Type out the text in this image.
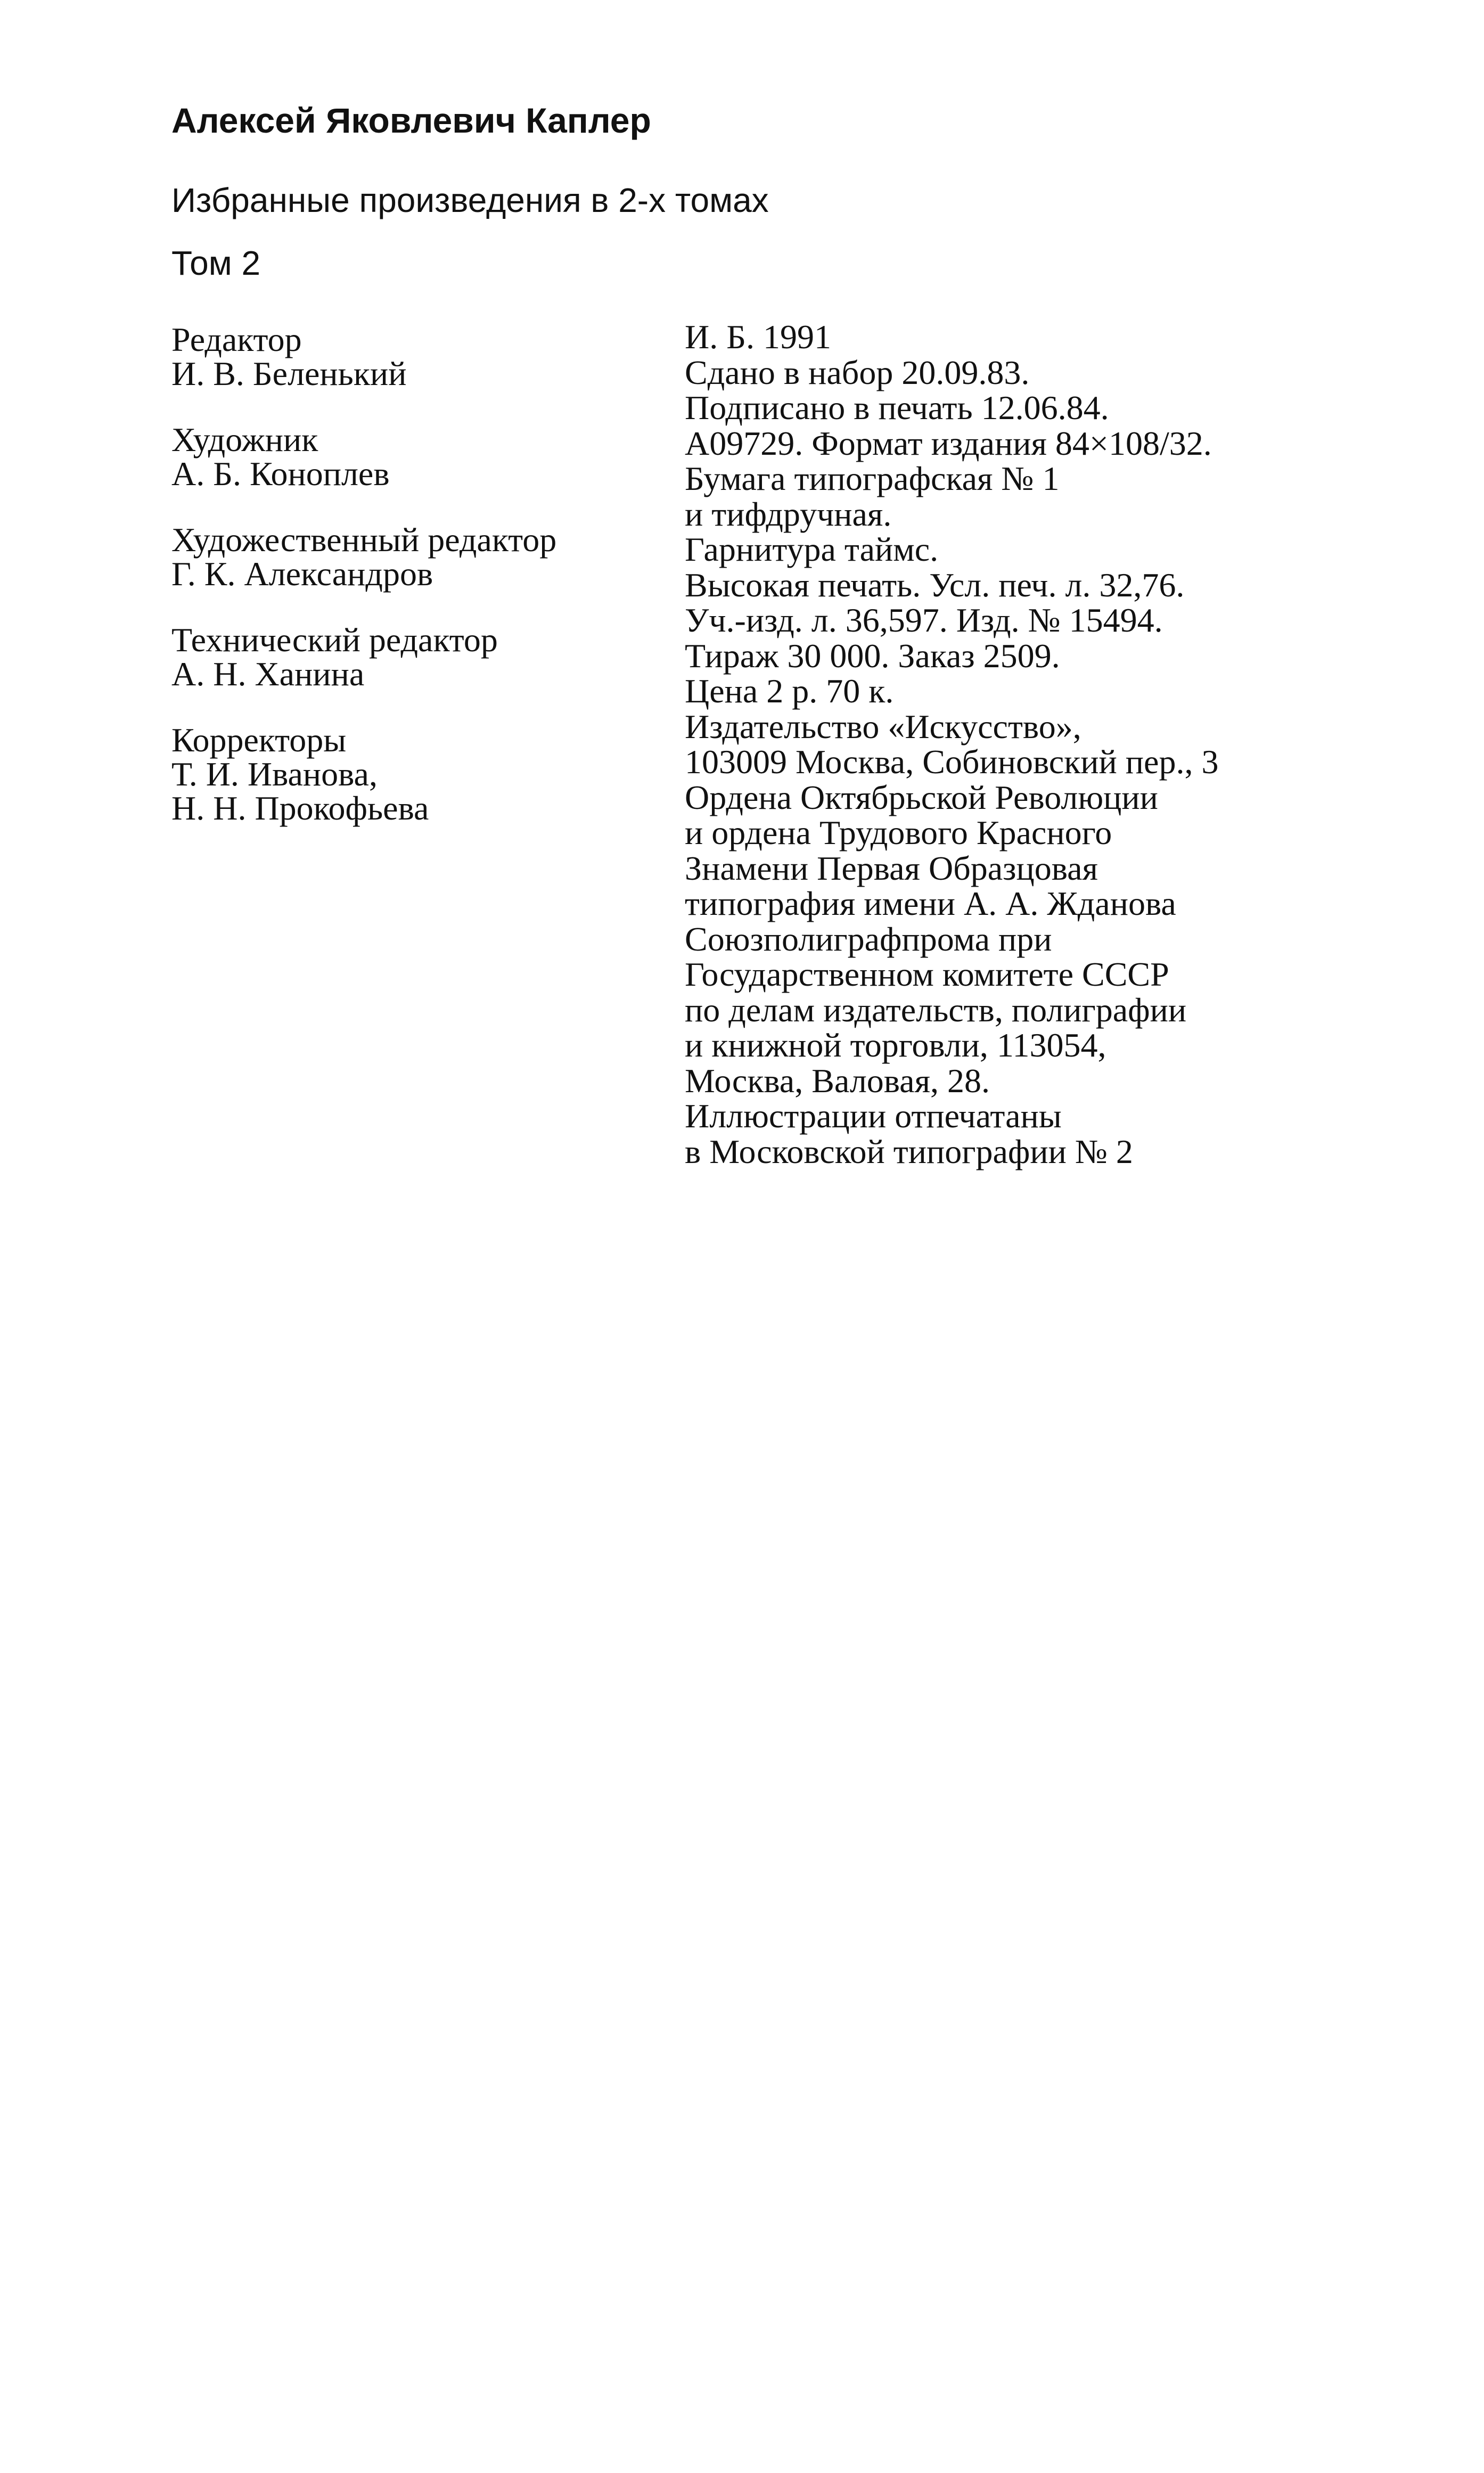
Алексей Яковлевич Каплер
Избранные произведения в 2-х томах
Том 2
Редактор
И. В. Беленький
Художник
А. Б. Коноплев
Художественный редактор
Г. К. Александров
Технический редактор
А. Н. Ханина
Корректоры
Т. И. Иванова,
Н. Н. Прокофьева
И. Б. 1991
Сдано в набор 20.09.83.
Подписано в печать 12.06.84.
А09729. Формат издания 84×108/32.
Бумага типографская № 1
и тифдручная.
Гарнитура таймс.
Высокая печать. Усл. печ. л. 32,76.
Уч.-изд. л. 36,597. Изд. № 15494.
Тираж 30 000. Заказ 2509.
Цена 2 р. 70 к.
Издательство «Искусство»,
103009 Москва, Собиновский пер., 3
Ордена Октябрьской Революции
и ордена Трудового Красного
Знамени Первая Образцовая
типография имени А. А. Жданова
Союзполиграфпрома при
Государственном комитете СССР
по делам издательств, полиграфии
и книжной торговли, 113054,
Москва, Валовая, 28.
Иллюстрации отпечатаны
в Московской типографии № 2
